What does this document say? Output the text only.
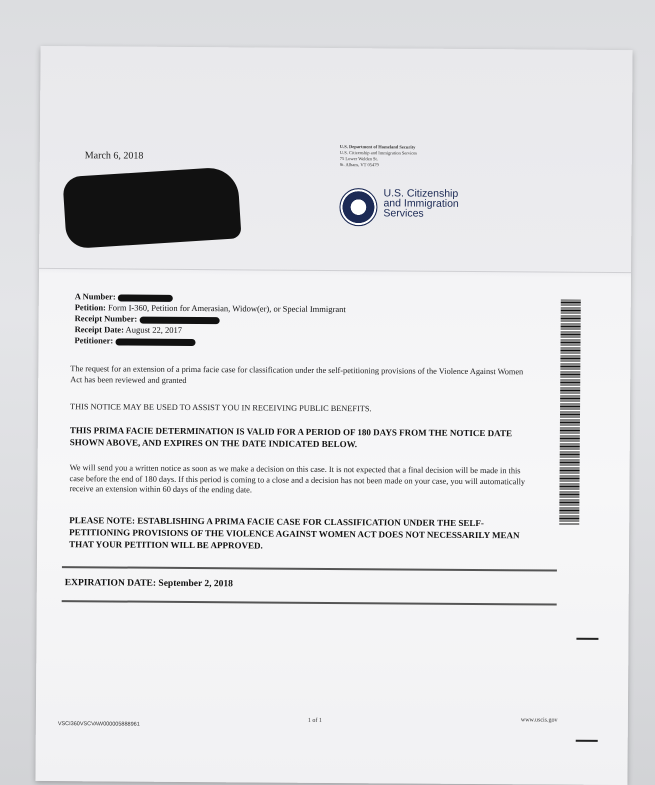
March 6, 2018
U.S. Department of Homeland Security
U.S. Citizenship and Immigration Services
75 Lower Welden St.
St. Albans, VT 05479
U.S. Citizenship
and Immigration
Services
A Number:
Petition: Form I-360, Petition for Amerasian, Widow(er), or Special Immigrant
Receipt Number:
Receipt Date: August 22, 2017
Petitioner:
The request for an extension of a prima facie case for classification under the self-petitioning provisions of the Violence Against Women Act has been reviewed and granted
THIS NOTICE MAY BE USED TO ASSIST YOU IN RECEIVING PUBLIC BENEFITS.
THIS PRIMA FACIE DETERMINATION IS VALID FOR A PERIOD OF 180 DAYS FROM THE NOTICE DATE SHOWN ABOVE, AND EXPIRES ON THE DATE INDICATED BELOW.
We will send you a written notice as soon as we make a decision on this case. It is not expected that a final decision will be made in this case before the end of 180 days. If this period is coming to a close and a decision has not been made on your case, you will automatically receive an extension within 60 days of the ending date.
PLEASE NOTE: ESTABLISHING A PRIMA FACIE CASE FOR CLASSIFICATION UNDER THE SELF-PETITIONING PROVISIONS OF THE VIOLENCE AGAINST WOMEN ACT DOES NOT NECESSARILY MEAN THAT YOUR PETITION WILL BE APPROVED.
EXPIRATION DATE: September 2, 2018
VSCI360VSCVAW000005888961
1 of 1	www.uscis.gov
